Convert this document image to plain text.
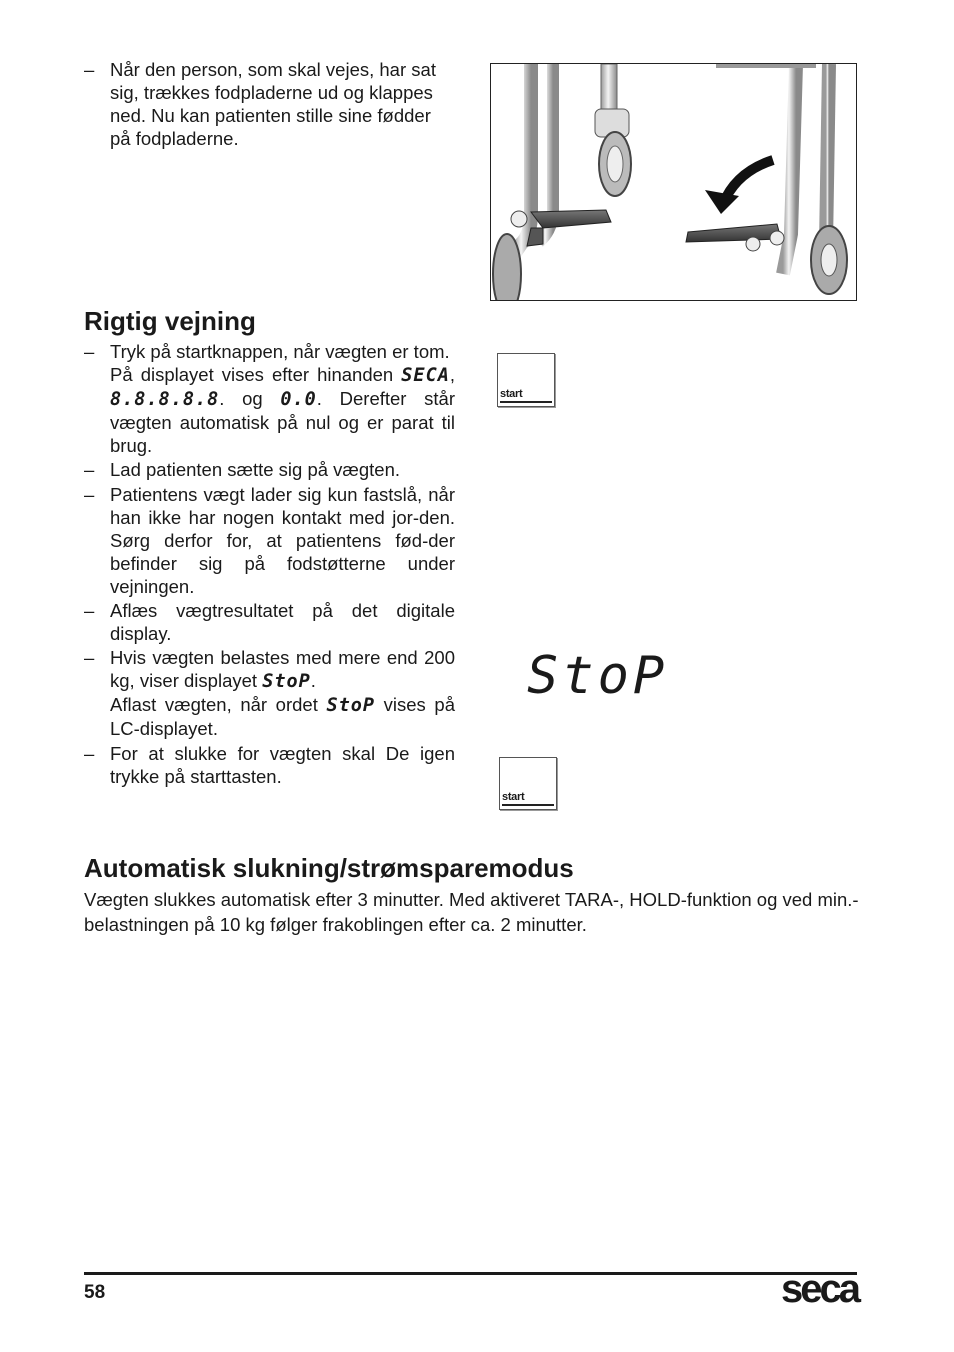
– Når den person, som skal vejes, har sat sig, trækkes fodpladerne ud og klappes ned. Nu kan patienten stille sine fødder på fodpladerne.
Rigtig vejning
– Tryk på startknappen, når vægten er tom.
På displayet vises efter hinanden SECA, 8.8.8.8.8. og 0.0. Derefter står vægten automatisk på nul og er parat til brug.
– Lad patienten sætte sig på vægten.
– Patientens vægt lader sig kun fastslå, når han ikke har nogen kontakt med jor-den. Sørg derfor for, at patientens fød-der befinder sig på fodstøtterne under vejningen.
– Aflæs vægtresultatet på det digitale display.
– Hvis vægten belastes med mere end 200 kg, viser displayet StoP.
Aflast vægten, når ordet StoP vises på LC-displayet.
– For at slukke for vægten skal De igen trykke på starttasten.
start
start
StoP
Automatisk slukning/strømsparemodus
Vægten slukkes automatisk efter 3 minutter. Med aktiveret TARA-, HOLD-funktion og ved min.-belastningen på 10 kg følger frakoblingen efter ca. 2 minutter.
58	seca
